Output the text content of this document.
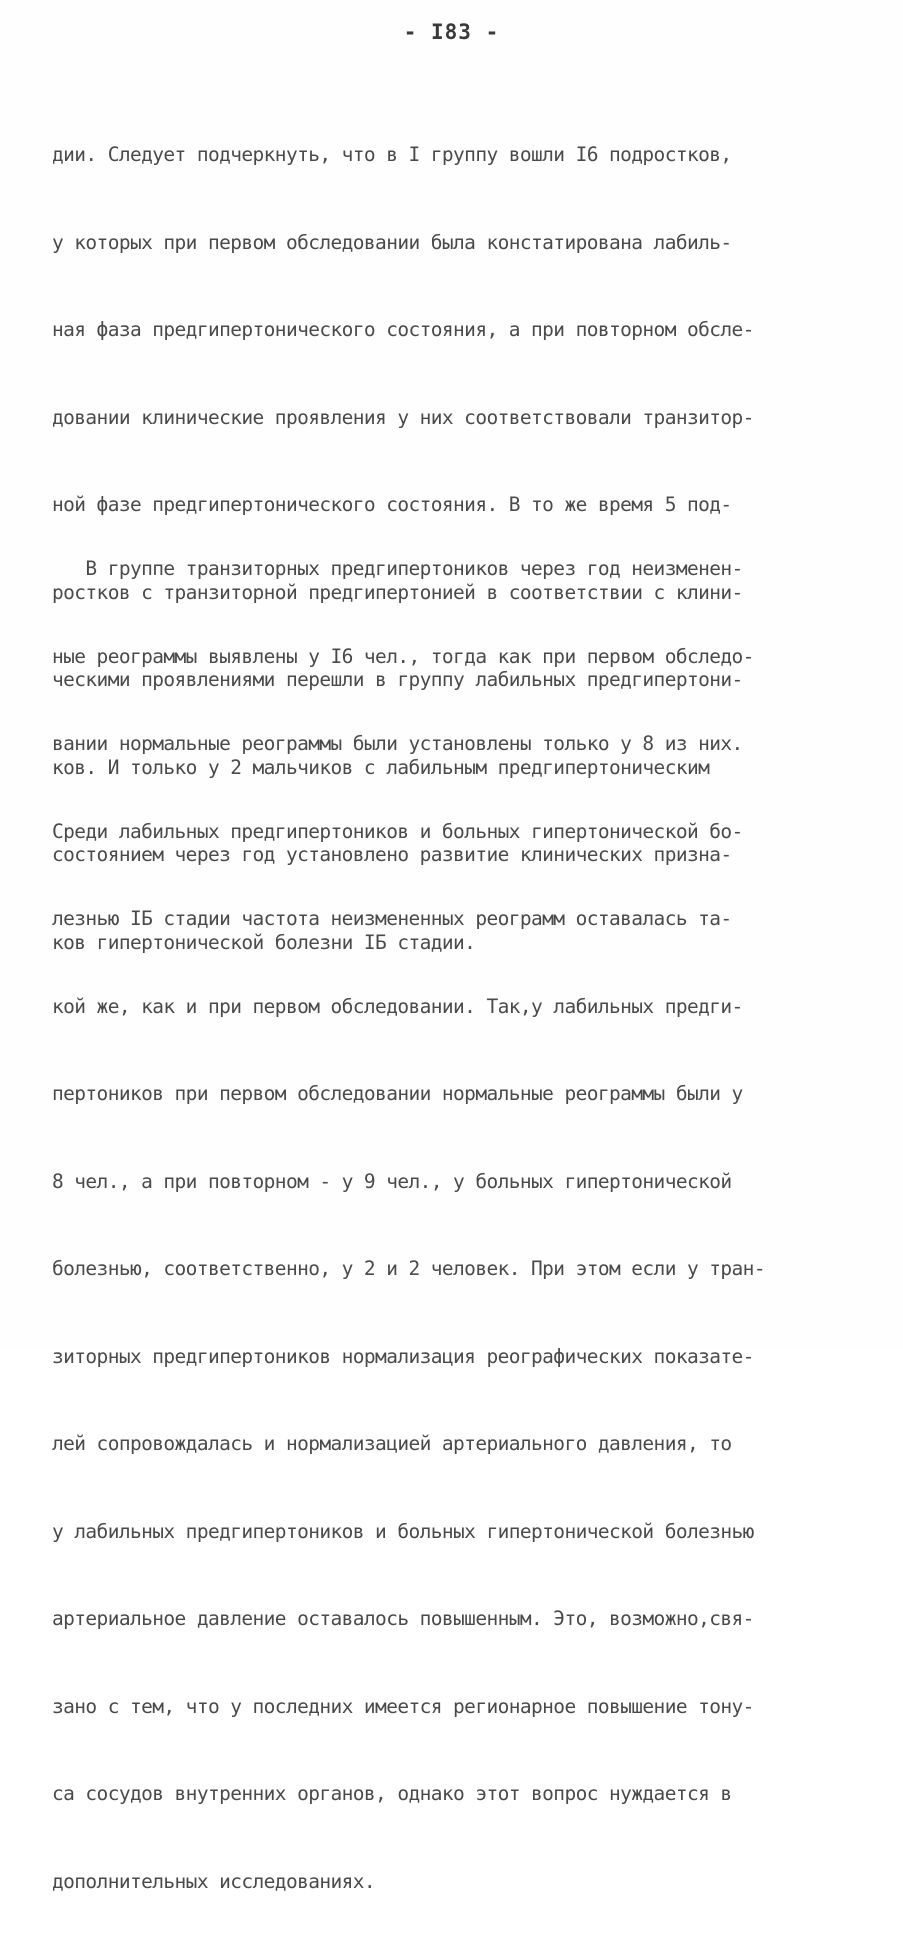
- I83 -

дии. Следует подчеркнуть, что в I группу вошли I6 подростков,

у которых при первом обследовании была констатирована лабиль-

ная фаза предгипертонического состояния, а при повторном обсле-

довании клинические проявления у них соответствовали транзитор-

ной фазе предгипертонического состояния. В то же время 5 под-

ростков с транзиторной предгипертонией в соответствии с клини-

ческими проявлениями перешли в группу лабильных предгипертони-

ков. И только у 2 мальчиков с лабильным предгипертоническим

состоянием через год установлено развитие клинических призна-

ков гипертонической болезни IБ стадии.

В группе транзиторных предгипертоников через год неизменен-

ные реограммы выявлены у I6 чел., тогда как при первом обследо-

вании нормальные реограммы были установлены только у 8 из них.

Среди лабильных предгипертоников и больных гипертонической бо-

лезнью IБ стадии частота неизмененных реограмм оставалась та-

кой же, как и при первом обследовании. Так,у лабильных предги-

пертоников при первом обследовании нормальные реограммы были у

8 чел., а при повторном - у 9 чел., у больных гипертонической

болезнью, соответственно, у 2 и 2 человек. При этом если у тран-

зиторных предгипертоников нормализация реографических показате-

лей сопровождалась и нормализацией артериального давления, то

у лабильных предгипертоников и больных гипертонической болезнью

артериальное давление оставалось повышенным. Это, возможно,свя-

зано с тем, что у последних имеется регионарное повышение тону-

са сосудов внутренних органов, однако этот вопрос нуждается в

дополнительных исследованиях.
